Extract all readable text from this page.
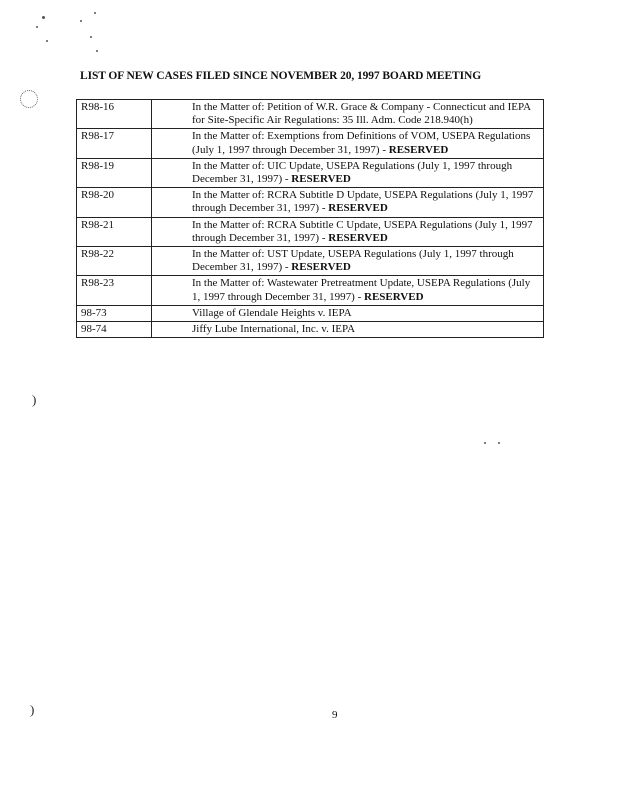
)
)
LIST OF NEW CASES FILED SINCE NOVEMBER 20, 1997 BOARD MEETING
R98-16	In the Matter of: Petition of W.R. Grace & Company - Connecticut and IEPA for Site-Specific Air Regulations: 35 Ill. Adm. Code 218.940(h)
R98-17	In the Matter of: Exemptions from Definitions of VOM, USEPA Regulations (July 1, 1997 through December 31, 1997) - RESERVED
R98-19	In the Matter of: UIC Update, USEPA Regulations (July 1, 1997 through December 31, 1997) - RESERVED
R98-20	In the Matter of: RCRA Subtitle D Update, USEPA Regulations (July 1, 1997 through December 31, 1997) - RESERVED
R98-21	In the Matter of: RCRA Subtitle C Update, USEPA Regulations (July 1, 1997 through December 31, 1997) - RESERVED
R98-22	In the Matter of: UST Update, USEPA Regulations (July 1, 1997 through December 31, 1997) - RESERVED
R98-23	In the Matter of: Wastewater Pretreatment Update, USEPA Regulations (July 1, 1997 through December 31, 1997) - RESERVED
98-73	Village of Glendale Heights v. IEPA
98-74	Jiffy Lube International, Inc. v. IEPA
9
